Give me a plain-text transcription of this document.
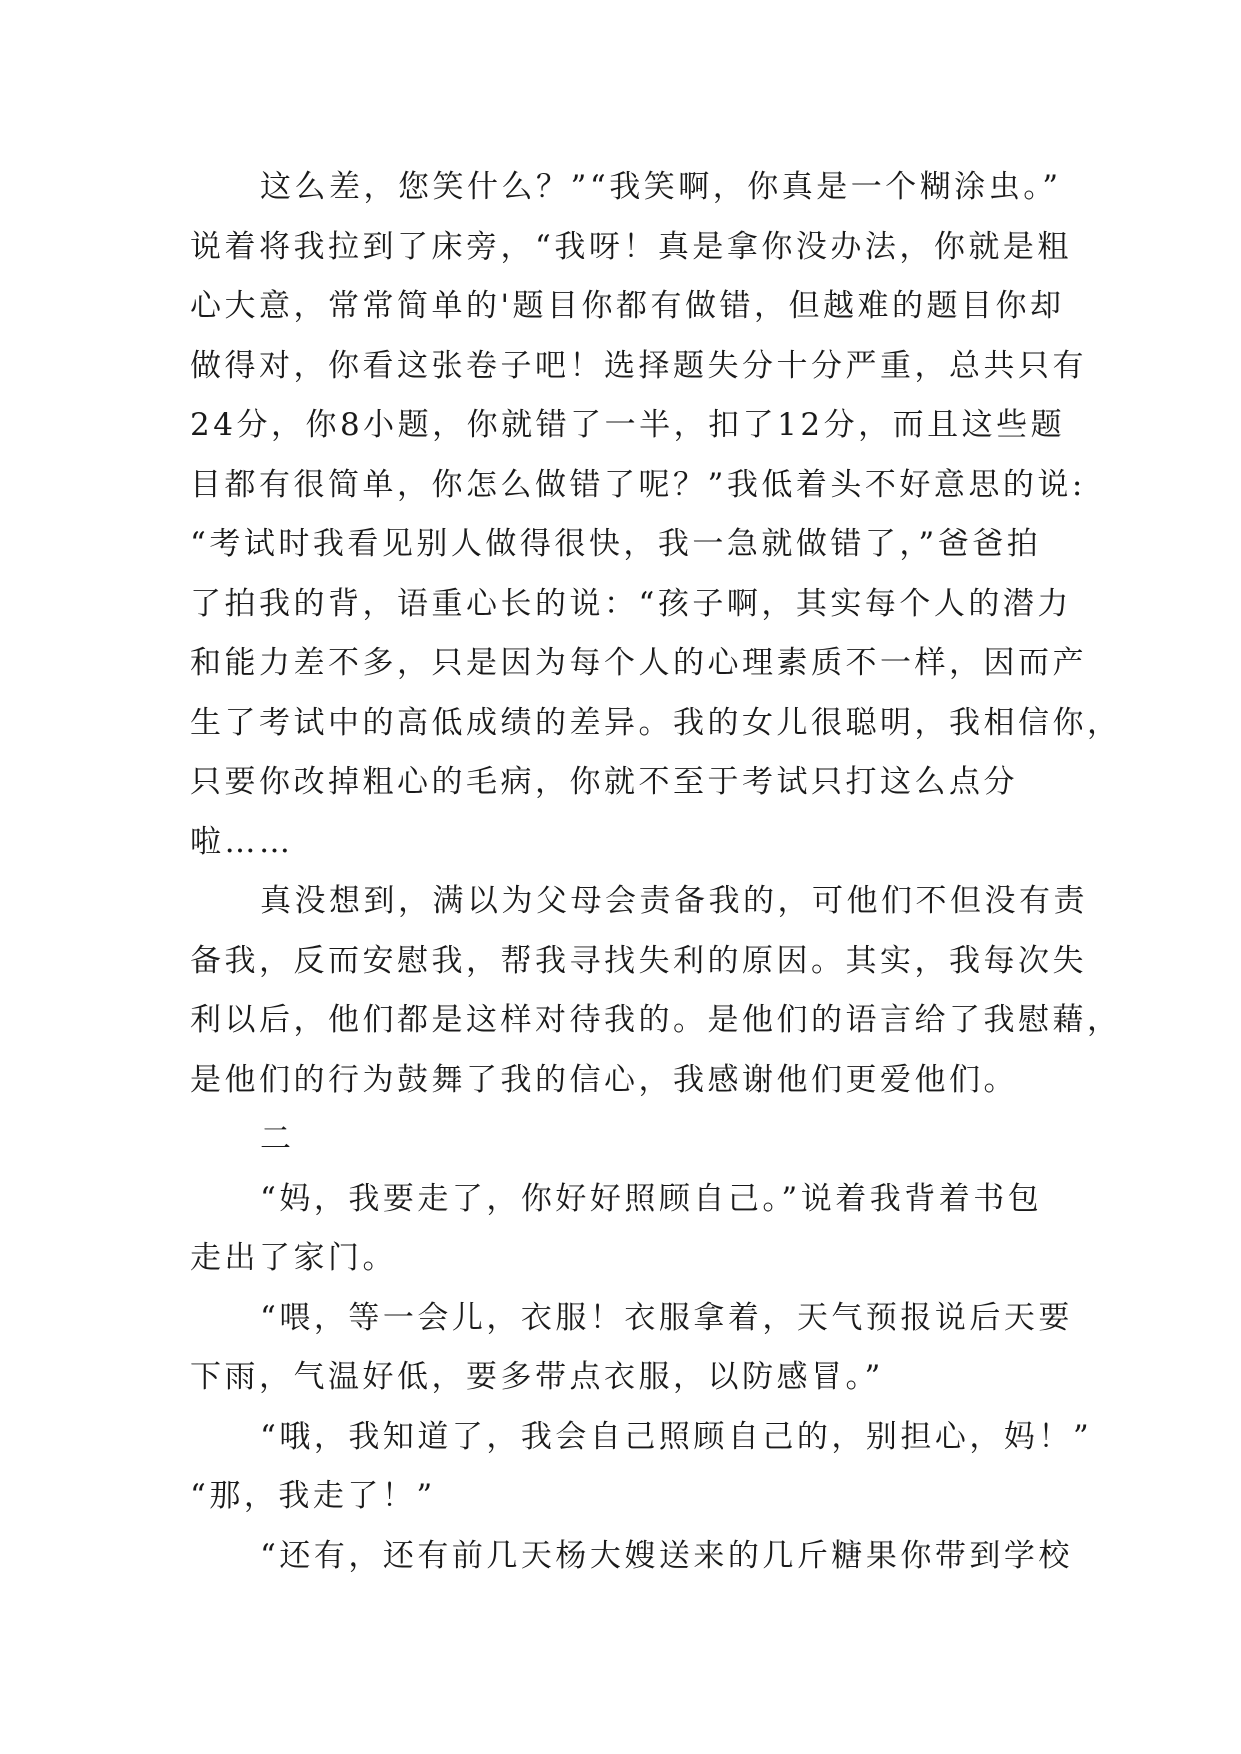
这么差，您笑什么？”“我笑啊，你真是一个糊涂虫。”
说着将我拉到了床旁，“我呀！真是拿你没办法，你就是粗
心大意，常常简单的'题目你都有做错，但越难的题目你却
做得对，你看这张卷子吧！选择题失分十分严重，总共只有
24分，你8小题，你就错了一半，扣了12分，而且这些题
目都有很简单，你怎么做错了呢？”我低着头不好意思的说:
“考试时我看见别人做得很快，我一急就做错了，”爸爸拍
了拍我的背，语重心长的说：“孩子啊，其实每个人的潜力
和能力差不多，只是因为每个人的心理素质不一样，因而产
生了考试中的高低成绩的差异。我的女儿很聪明，我相信你，
只要你改掉粗心的毛病，你就不至于考试只打这么点分
啦……
真没想到，满以为父母会责备我的，可他们不但没有责
备我，反而安慰我，帮我寻找失利的原因。其实，我每次失
利以后，他们都是这样对待我的。是他们的语言给了我慰藉，
是他们的行为鼓舞了我的信心，我感谢他们更爱他们。
二
“妈，我要走了，你好好照顾自己。”说着我背着书包
走出了家门。
“喂，等一会儿，衣服！衣服拿着，天气预报说后天要
下雨，气温好低，要多带点衣服，以防感冒。”
“哦，我知道了，我会自己照顾自己的，别担心，妈！”
“那，我走了！”
“还有，还有前几天杨大嫂送来的几斤糖果你带到学校
